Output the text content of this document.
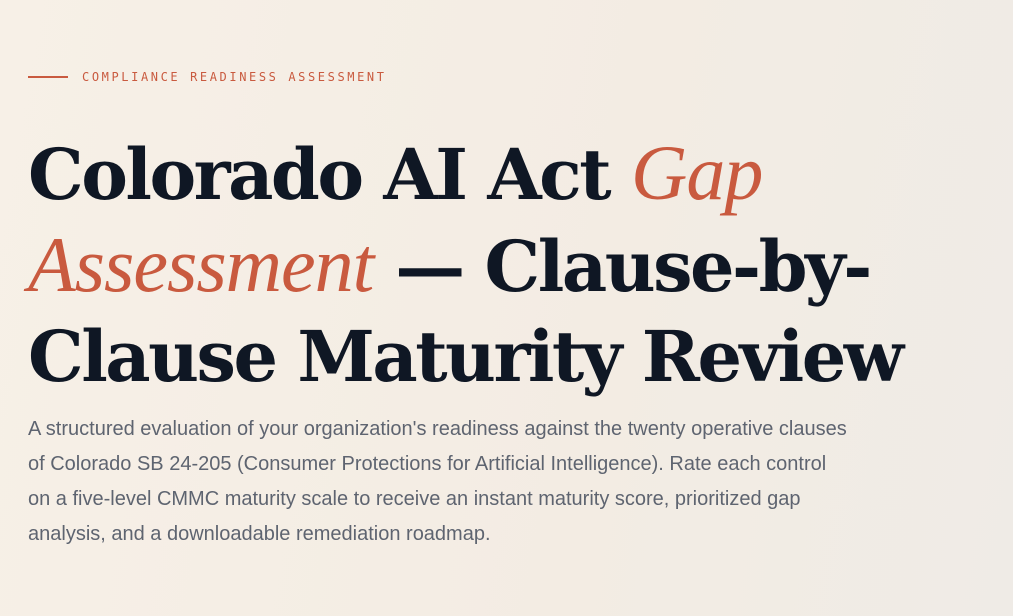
COMPLIANCE READINESS ASSESSMENT
Colorado AI Act Gap Assessment — Clause-by-
Clause Maturity Review

A structured evaluation of your organization's readiness against the twenty operative clauses of Colorado SB 24-205 (Consumer Protections for Artificial Intelligence). Rate each control on a five-level CMMC maturity scale to receive an instant maturity score, prioritized gap analysis, and a downloadable remediation roadmap.
